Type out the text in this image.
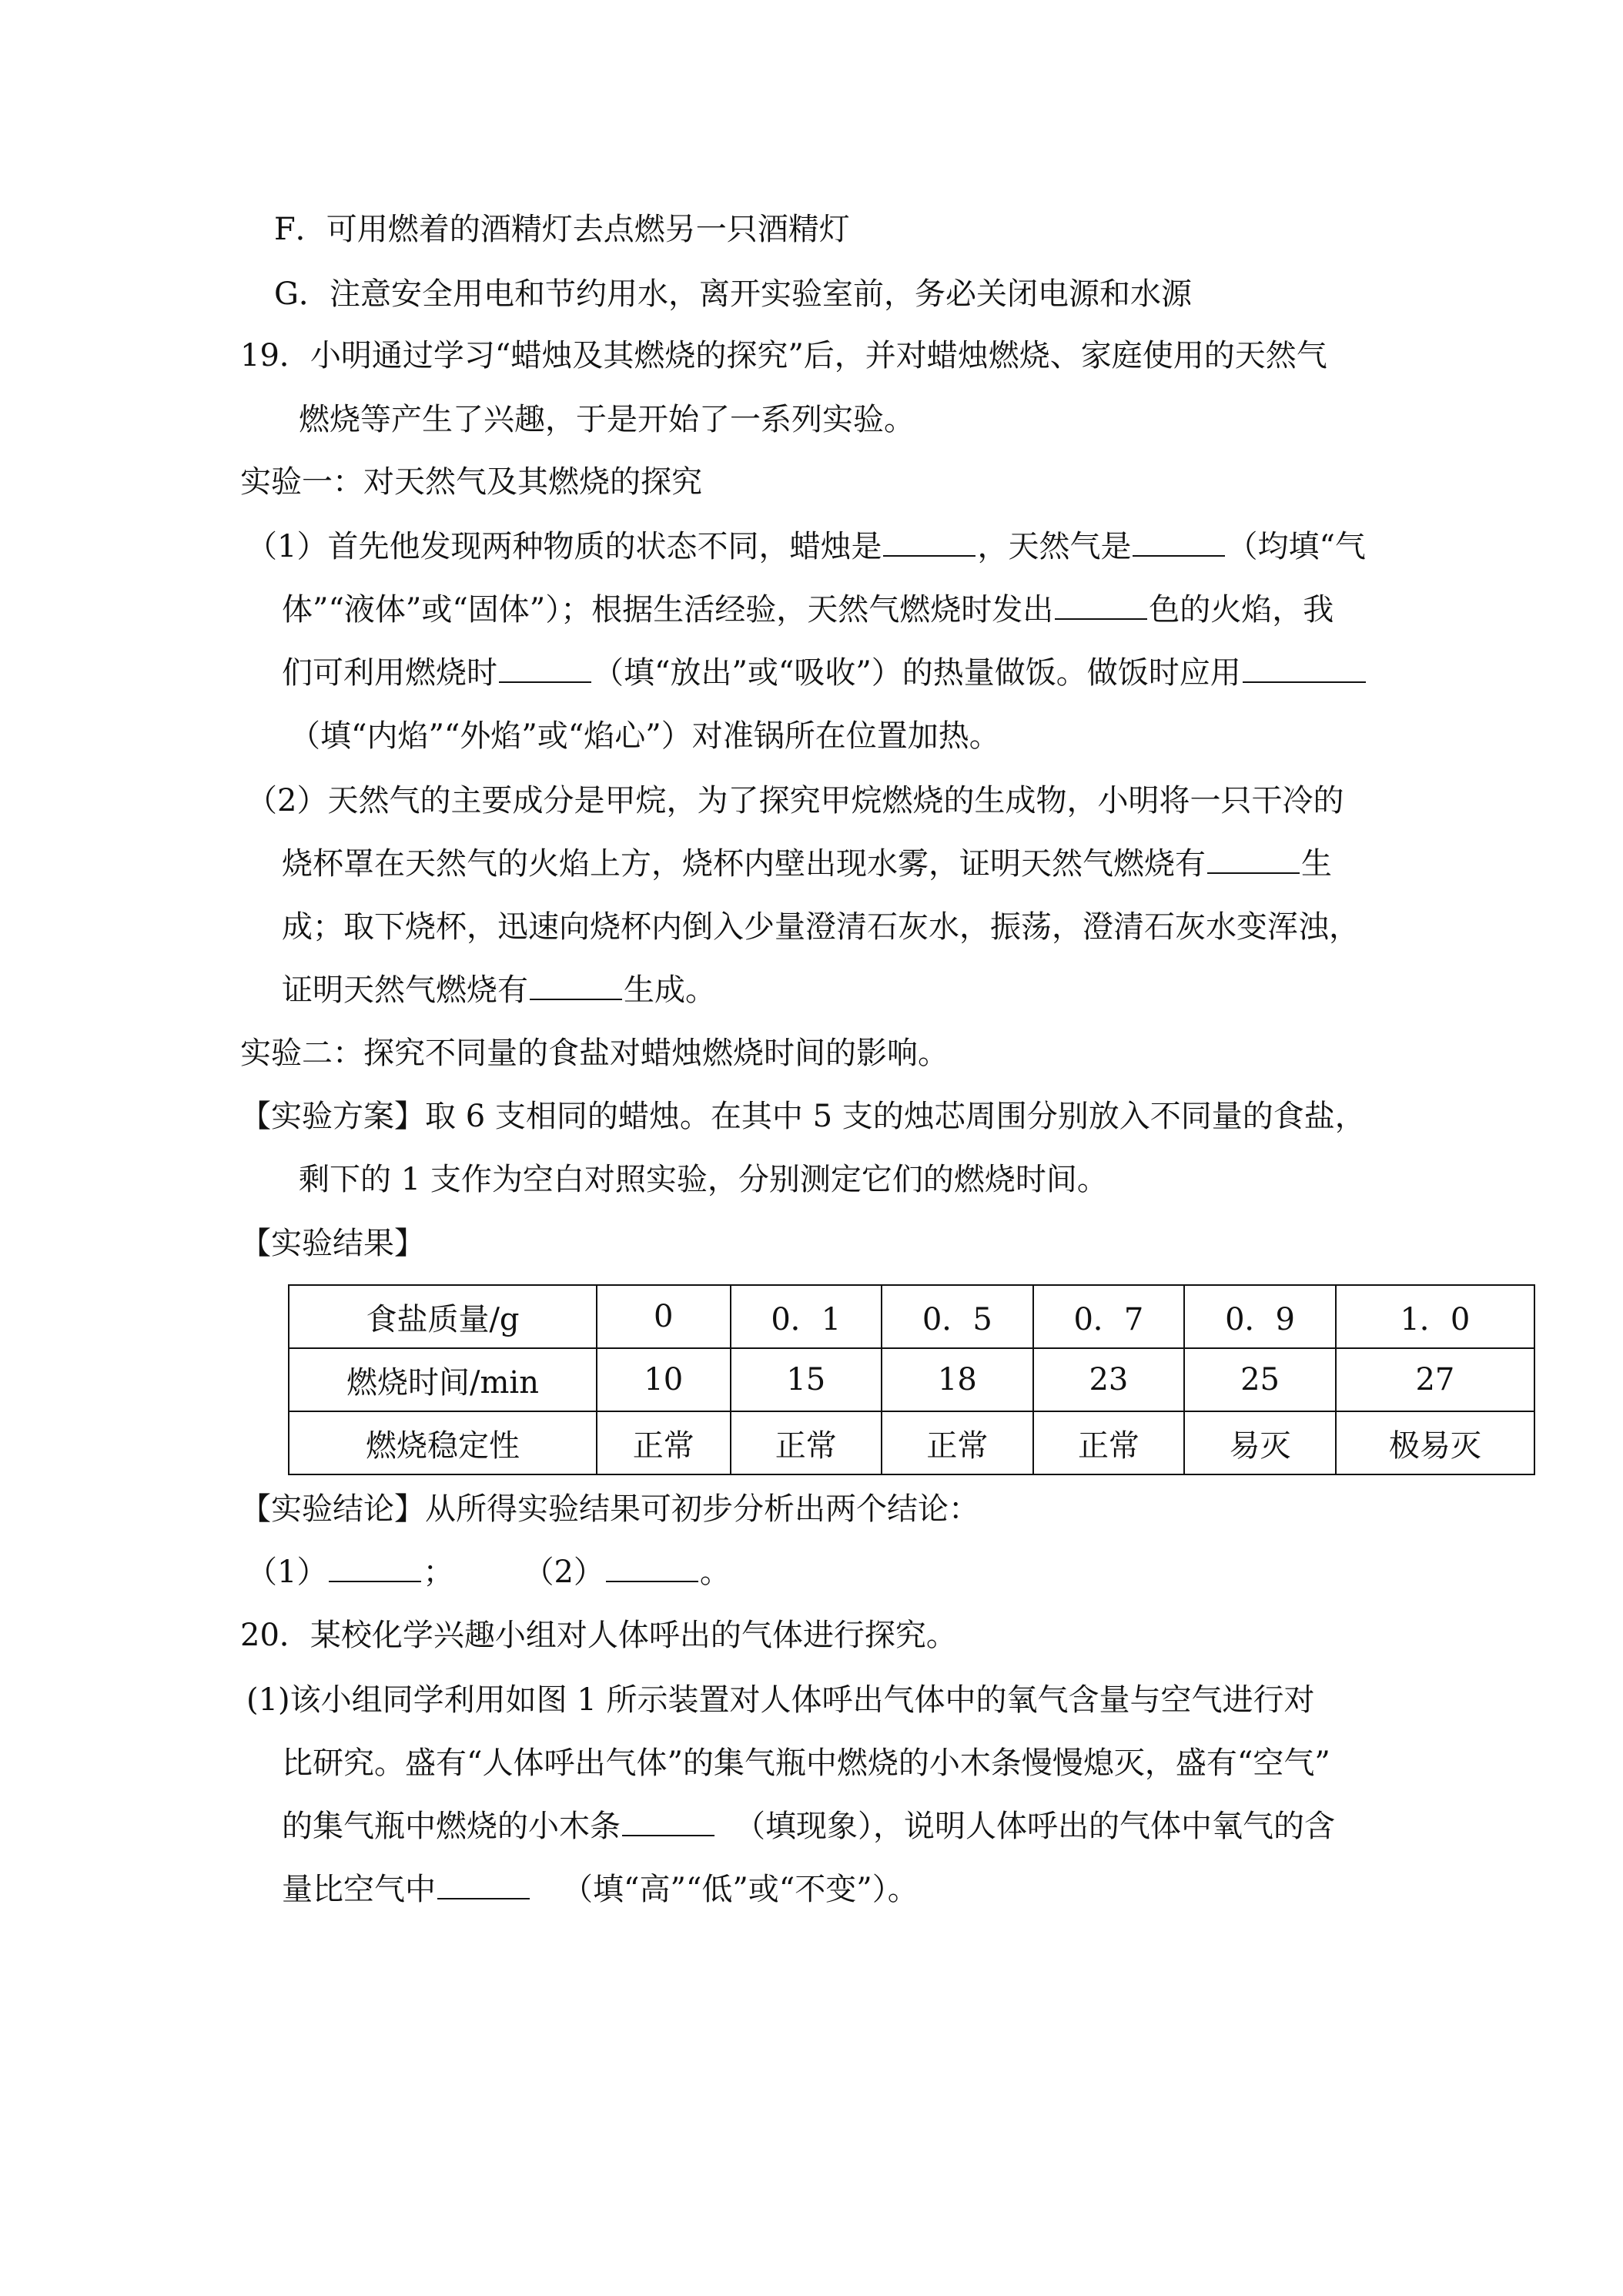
F．可用燃着的酒精灯去点燃另一只酒精灯

G．注意安全用电和节约用水，离开实验室前，务必关闭电源和水源

19．小明通过学习“蜡烛及其燃烧的探究”后，并对蜡烛燃烧、家庭使用的天然气

燃烧等产生了兴趣，于是开始了一系列实验。

实验一：对天然气及其燃烧的探究

（1）首先他发现两种物质的状态不同，蜡烛是	，天然气是	（均填“气

体”“液体”或“固体”）；根据生活经验，天然气燃烧时发出	色的火焰，我

们可利用燃烧时	（填“放出”或“吸收”）的热量做饭。做饭时应用

（填“内焰”“外焰”或“焰心”）对准锅所在位置加热。

（2）天然气的主要成分是甲烷，为了探究甲烷燃烧的生成物，小明将一只干冷的

烧杯罩在天然气的火焰上方，烧杯内壁出现水雾，证明天然气燃烧有	生

成；取下烧杯，迅速向烧杯内倒入少量澄清石灰水，振荡，澄清石灰水变浑浊，

证明天然气燃烧有	生成。

实验二：探究不同量的食盐对蜡烛燃烧时间的影响。

【实验方案】取 6 支相同的蜡烛。在其中 5 支的烛芯周围分别放入不同量的食盐，

剩下的 1 支作为空白对照实验，分别测定它们的燃烧时间。

【实验结果】

食盐质量/g	0	0．1	0．5	0．7	0．9	1．0
燃烧时间/min	10	15	18	23	25	27
燃烧稳定性	正常	正常	正常	正常	易灭	极易灭

【实验结论】从所得实验结果可初步分析出两个结论：

（1）	； （2）	。

20．某校化学兴趣小组对人体呼出的气体进行探究。

(1)该小组同学利用如图 1 所示装置对人体呼出气体中的氧气含量与空气进行对

比研究。盛有“人体呼出气体”的集气瓶中燃烧的小木条慢慢熄灭，盛有“空气”

的集气瓶中燃烧的小木条	（填现象），说明人体呼出的气体中氧气的含

量比空气中	（填“高”“低”或“不变”）。
